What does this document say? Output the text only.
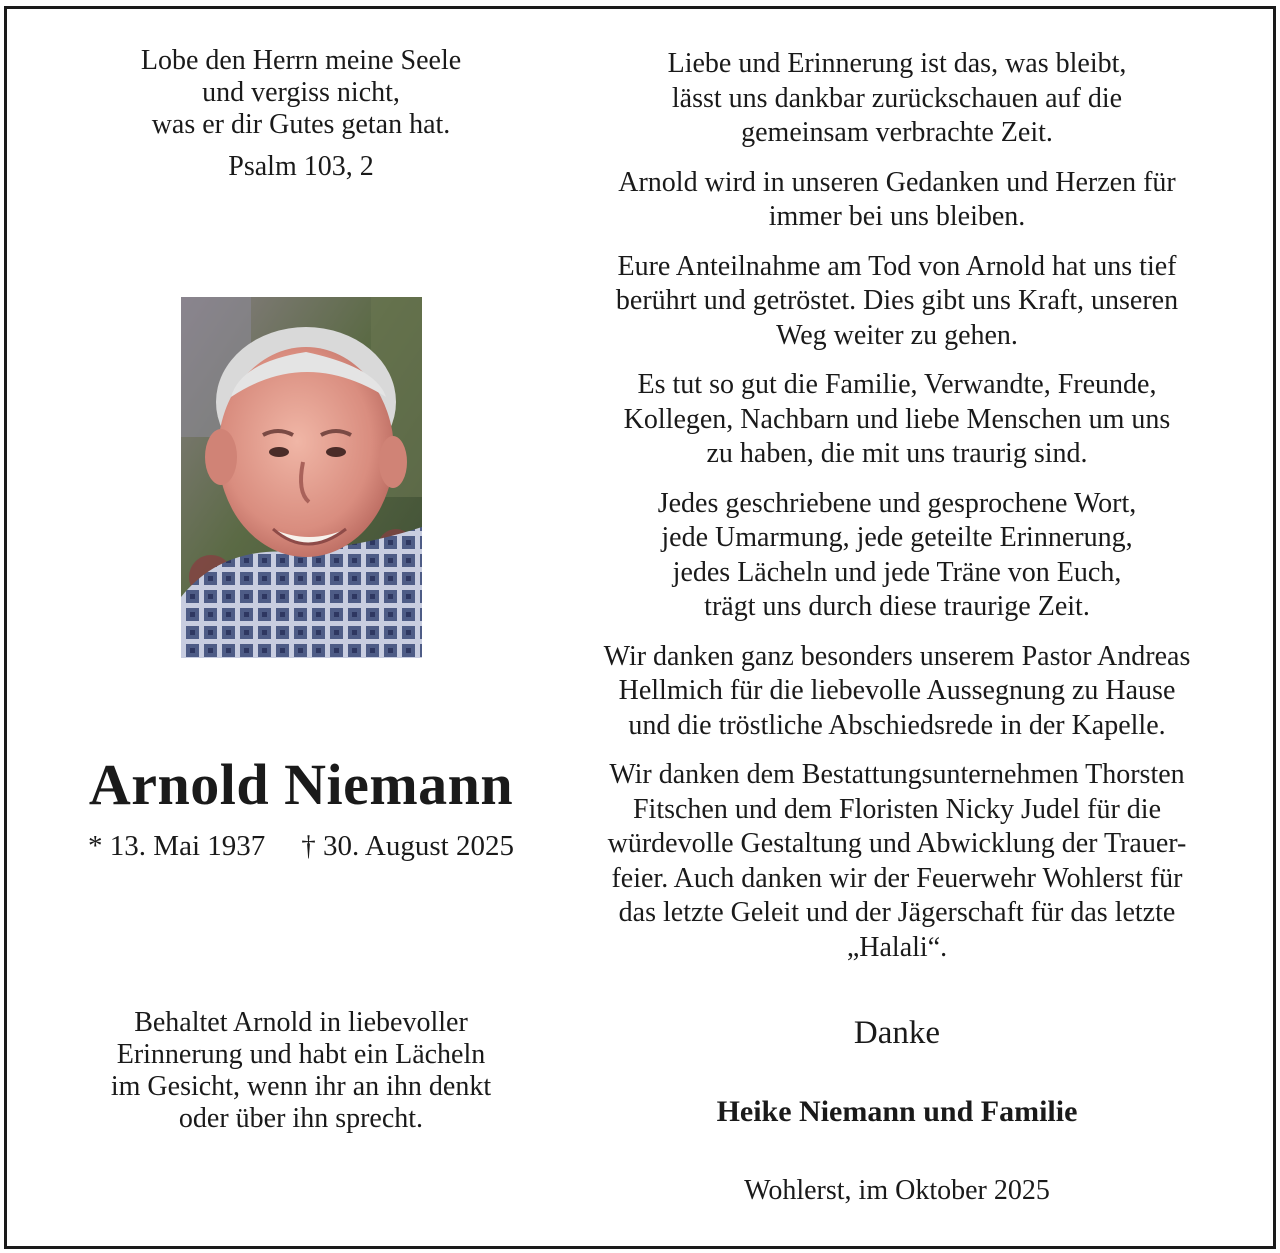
Lobe den Herrn meine Seele
und vergiss nicht,
was er dir Gutes getan hat.
Psalm 103, 2
Arnold Niemann
* 13. Mai 1937 † 30. August 2025
Behaltet Arnold in liebevoller
Erinnerung und habt ein Lächeln
im Gesicht, wenn ihr an ihn denkt
oder über ihn sprecht.

Liebe und Erinnerung ist das, was bleibt,
lässt uns dankbar zurückschauen auf die
gemeinsam verbrachte Zeit.

Arnold wird in unseren Gedanken und Herzen für
immer bei uns bleiben.

Eure Anteilnahme am Tod von Arnold hat uns tief
berührt und getröstet. Dies gibt uns Kraft, unseren
Weg weiter zu gehen.

Es tut so gut die Familie, Verwandte, Freunde,
Kollegen, Nachbarn und liebe Menschen um uns
zu haben, die mit uns traurig sind.

Jedes geschriebene und gesprochene Wort,
jede Umarmung, jede geteilte Erinnerung,
jedes Lächeln und jede Träne von Euch,
trägt uns durch diese traurige Zeit.

Wir danken ganz besonders unserem Pastor Andreas
Hellmich für die liebevolle Aussegnung zu Hause
und die tröstliche Abschiedsrede in der Kapelle.

Wir danken dem Bestattungsunternehmen Thorsten
Fitschen und dem Floristen Nicky Judel für die
würdevolle Gestaltung und Abwicklung der Trauer-
feier. Auch danken wir der Feuerwehr Wohlerst für
das letzte Geleit und der Jägerschaft für das letzte
„Halali“.

Danke
Heike Niemann und Familie
Wohlerst, im Oktober 2025
